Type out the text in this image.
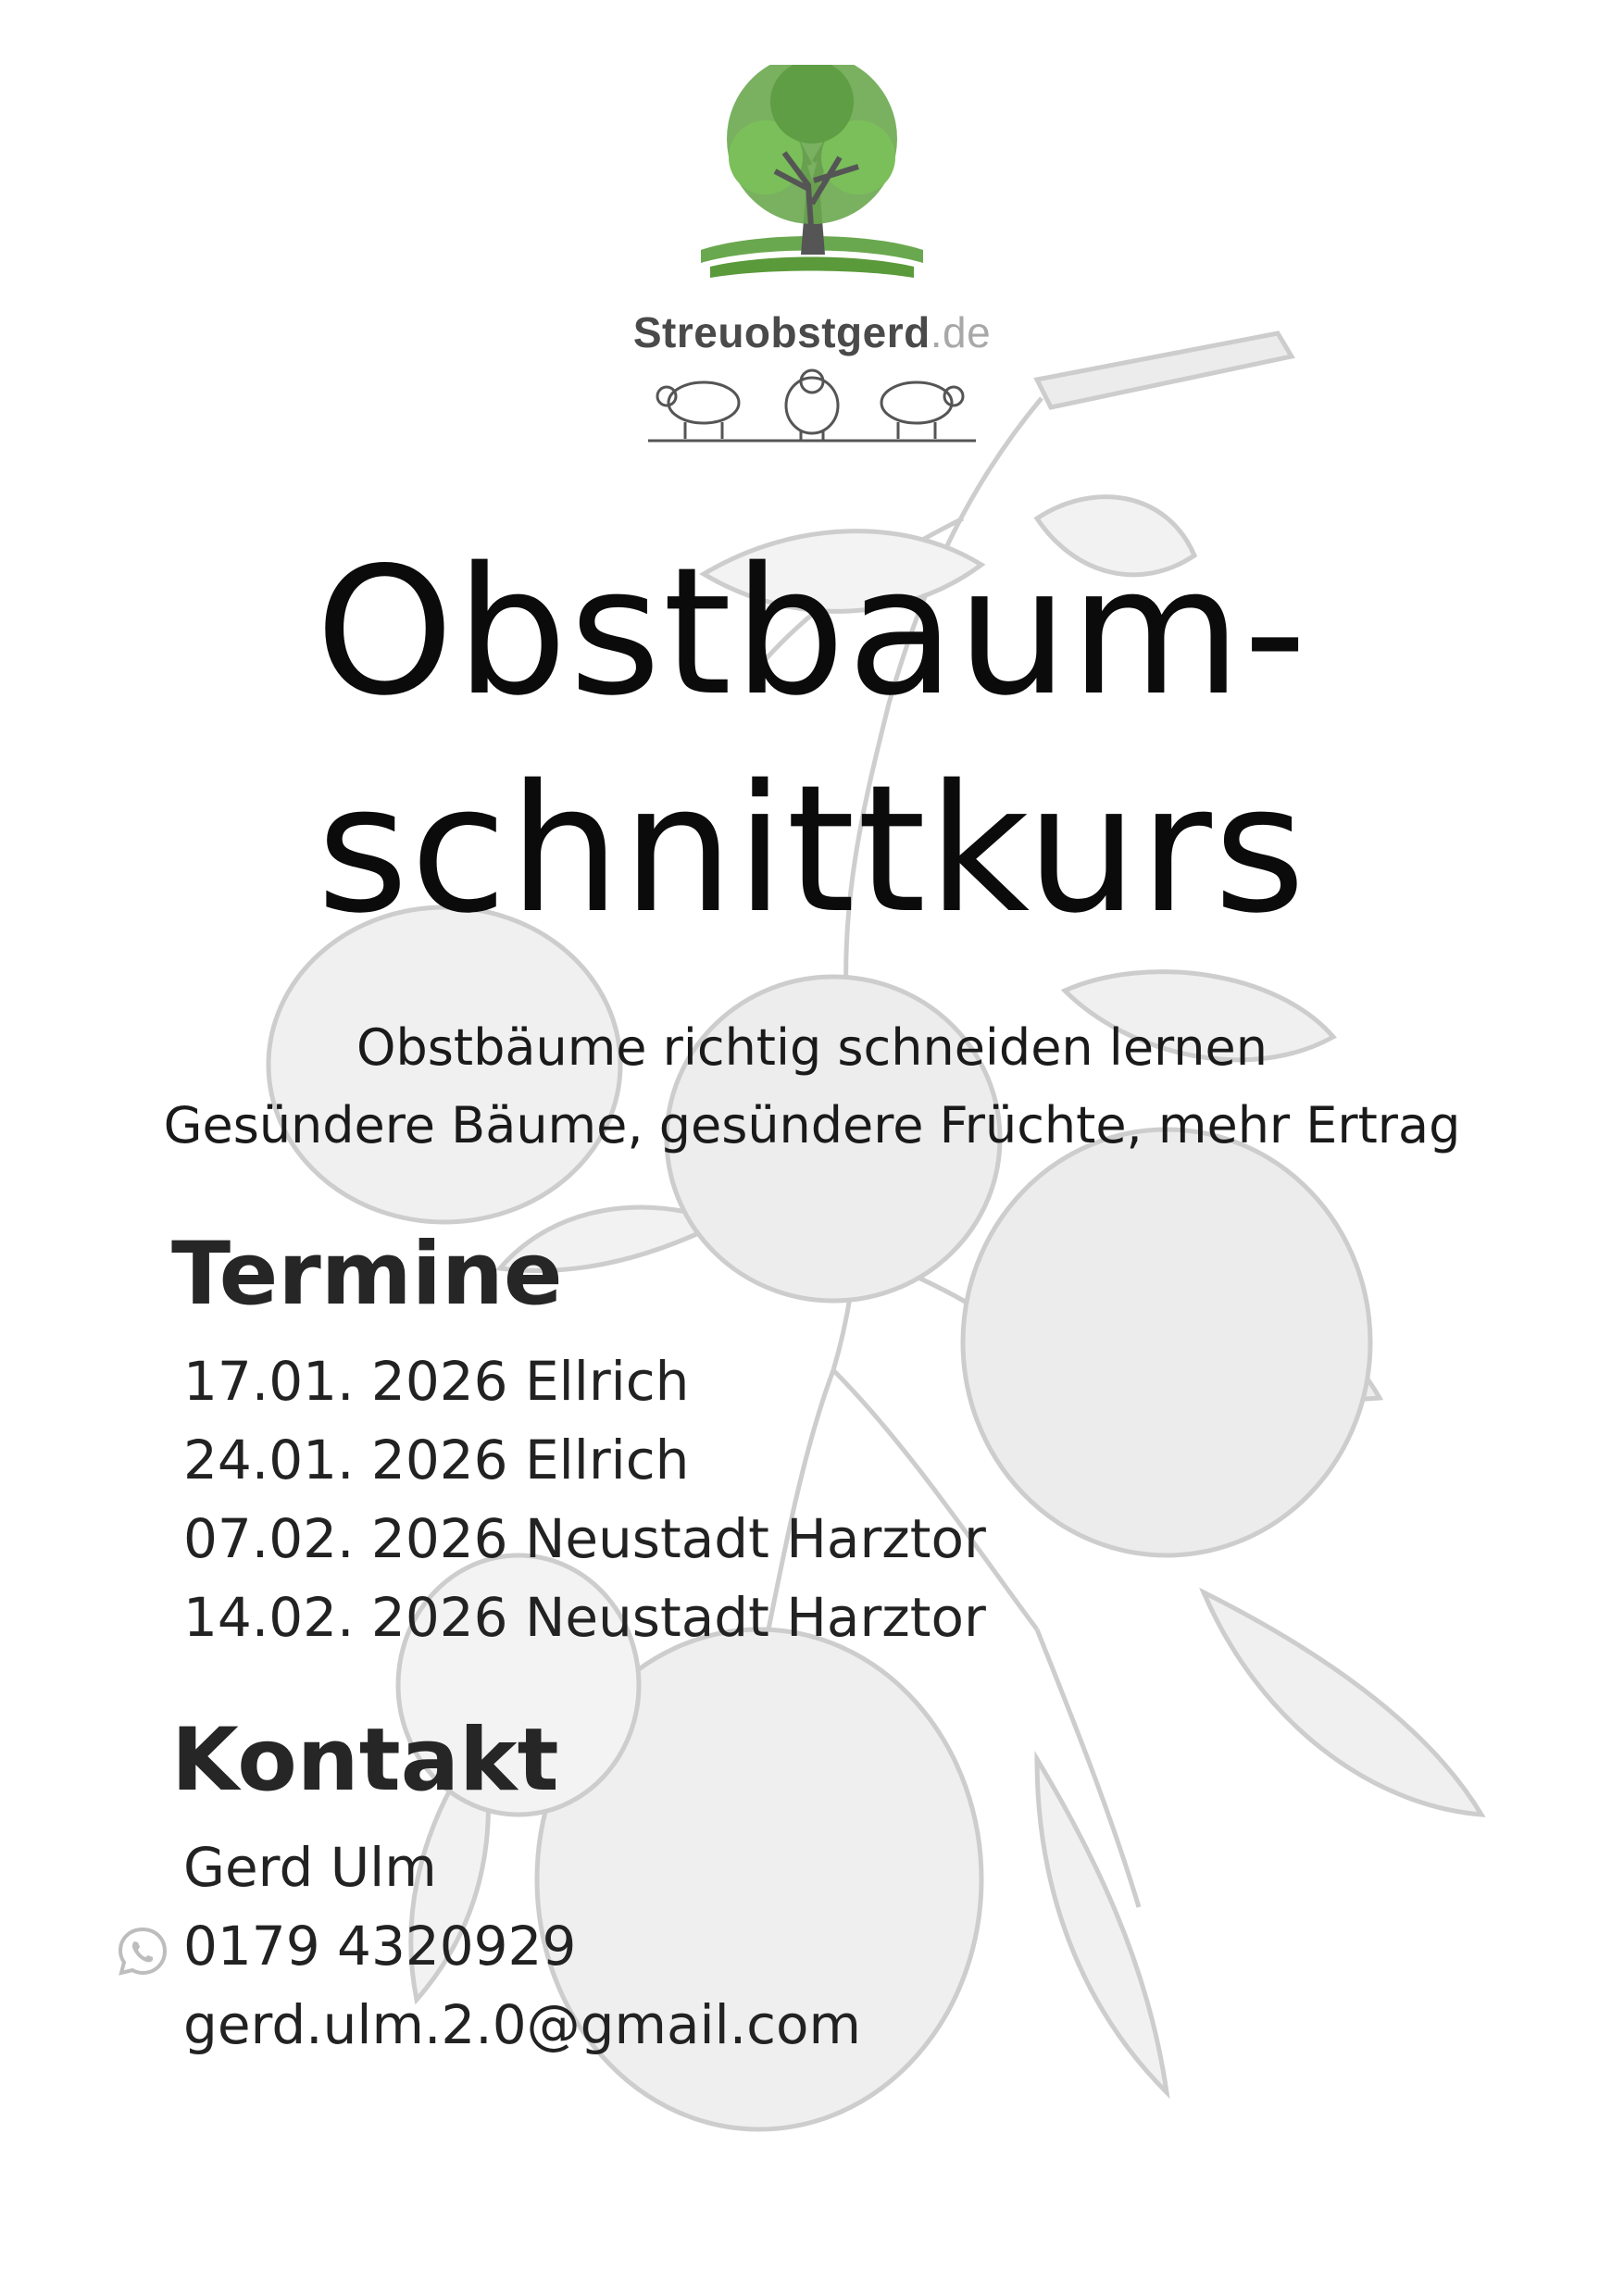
Streuobstgerd.de
Obstbaum-
schnittkurs
Obstbäume richtig schneiden lernen
Gesündere Bäume, gesündere Früchte, mehr Ertrag
Termine
17.01. 2026 Ellrich
24.01. 2026 Ellrich
07.02. 2026 Neustadt Harztor
14.02. 2026 Neustadt Harztor
Kontakt
Gerd Ulm
0179 4320929
gerd.ulm.2.0@gmail.com
